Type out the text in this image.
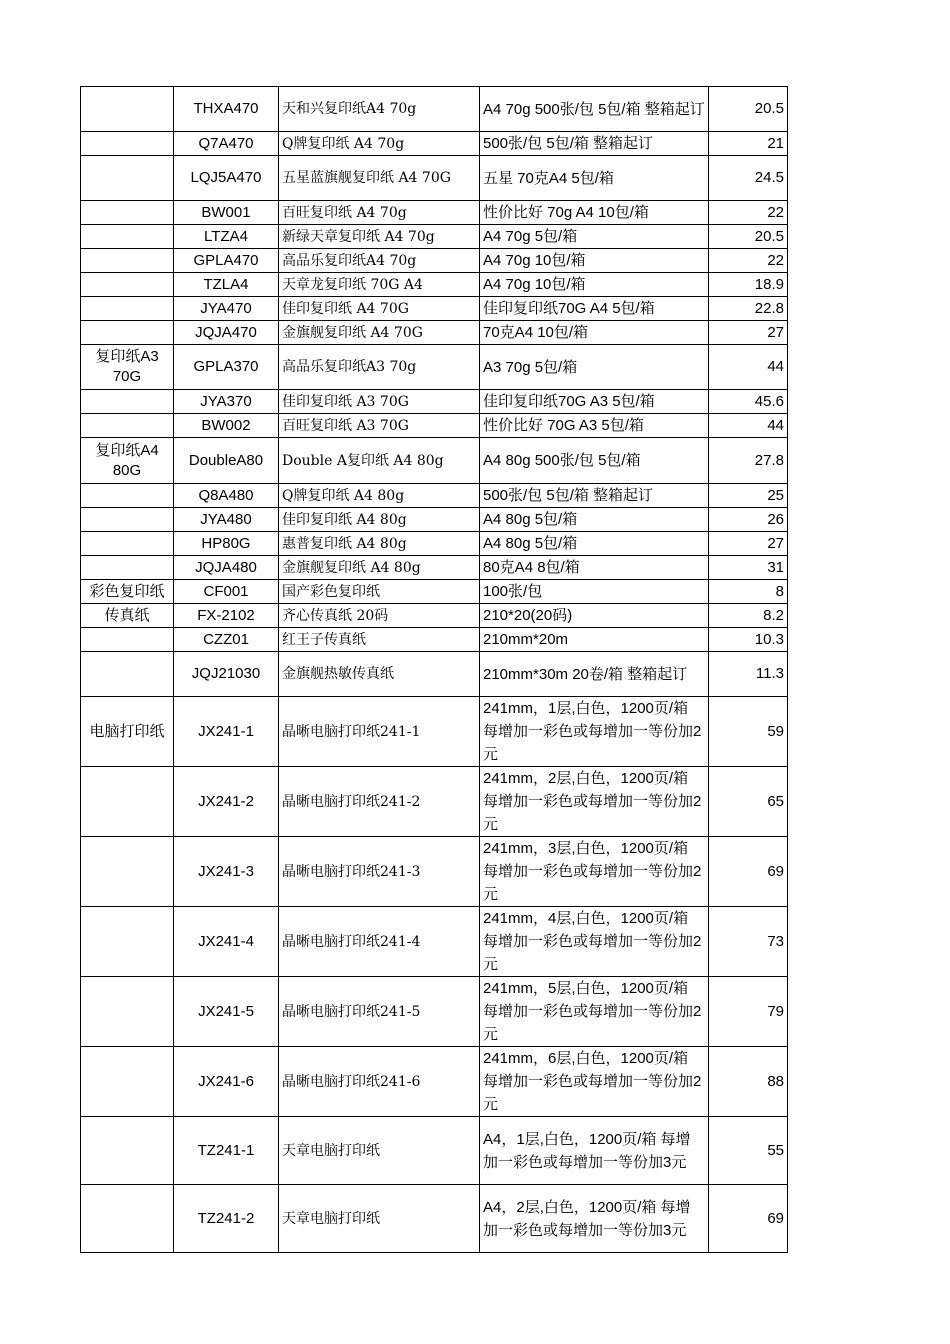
	THXA470	天和兴复印纸A4 70g	A4 70g 500张/包 5包/箱 整箱起订	20.5
	Q7A470	Q牌复印纸 A4 70g	500张/包 5包/箱 整箱起订	21
	LQJ5A470	五星蓝旗舰复印纸 A4 70G	五星 70克A4 5包/箱	24.5
	BW001	百旺复印纸 A4 70g	性价比好 70g A4 10包/箱	22
	LTZA4	新绿天章复印纸 A4 70g	A4 70g 5包/箱	20.5
	GPLA470	高品乐复印纸A4 70g	A4 70g 10包/箱	22
	TZLA4	天章龙复印纸 70G A4	A4 70g 10包/箱	18.9
	JYA470	佳印复印纸 A4 70G	佳印复印纸70G A4 5包/箱	22.8
	JQJA470	金旗舰复印纸 A4 70G	70克A4 10包/箱	27
复印纸A3 70G	GPLA370	高品乐复印纸A3 70g	A3 70g 5包/箱	44
	JYA370	佳印复印纸 A3 70G	佳印复印纸70G A3 5包/箱	45.6
	BW002	百旺复印纸 A3 70G	性价比好 70G A3 5包/箱	44
复印纸A4 80G	DoubleA80	Double A复印纸 A4 80g	A4 80g 500张/包 5包/箱	27.8
	Q8A480	Q牌复印纸 A4 80g	500张/包 5包/箱 整箱起订	25
	JYA480	佳印复印纸 A4 80g	A4 80g 5包/箱	26
	HP80G	惠普复印纸 A4 80g	A4 80g 5包/箱	27
	JQJA480	金旗舰复印纸 A4 80g	80克A4 8包/箱	31
彩色复印纸	CF001	国产彩色复印纸	100张/包	8
传真纸	FX-2102	齐心传真纸 20码	210*20(20码)	8.2
	CZZ01	红王子传真纸	210mm*20m	10.3
	JQJ21030	金旗舰热敏传真纸	210mm*30m 20卷/箱 整箱起订	11.3
电脑打印纸	JX241-1	晶晰电脑打印纸241-1	241mm，1层,白色，1200页/箱 每增加一彩色或每增加一等份加2元	59
	JX241-2	晶晰电脑打印纸241-2	241mm，2层,白色，1200页/箱 每增加一彩色或每增加一等份加2元	65
	JX241-3	晶晰电脑打印纸241-3	241mm，3层,白色，1200页/箱 每增加一彩色或每增加一等份加2元	69
	JX241-4	晶晰电脑打印纸241-4	241mm，4层,白色，1200页/箱 每增加一彩色或每增加一等份加2元	73
	JX241-5	晶晰电脑打印纸241-5	241mm，5层,白色，1200页/箱 每增加一彩色或每增加一等份加2元	79
	JX241-6	晶晰电脑打印纸241-6	241mm，6层,白色，1200页/箱 每增加一彩色或每增加一等份加2元	88
	TZ241-1	天章电脑打印纸	A4，1层,白色，1200页/箱 每增加一彩色或每增加一等份加3元	55
	TZ241-2	天章电脑打印纸	A4，2层,白色，1200页/箱 每增加一彩色或每增加一等份加3元	69
